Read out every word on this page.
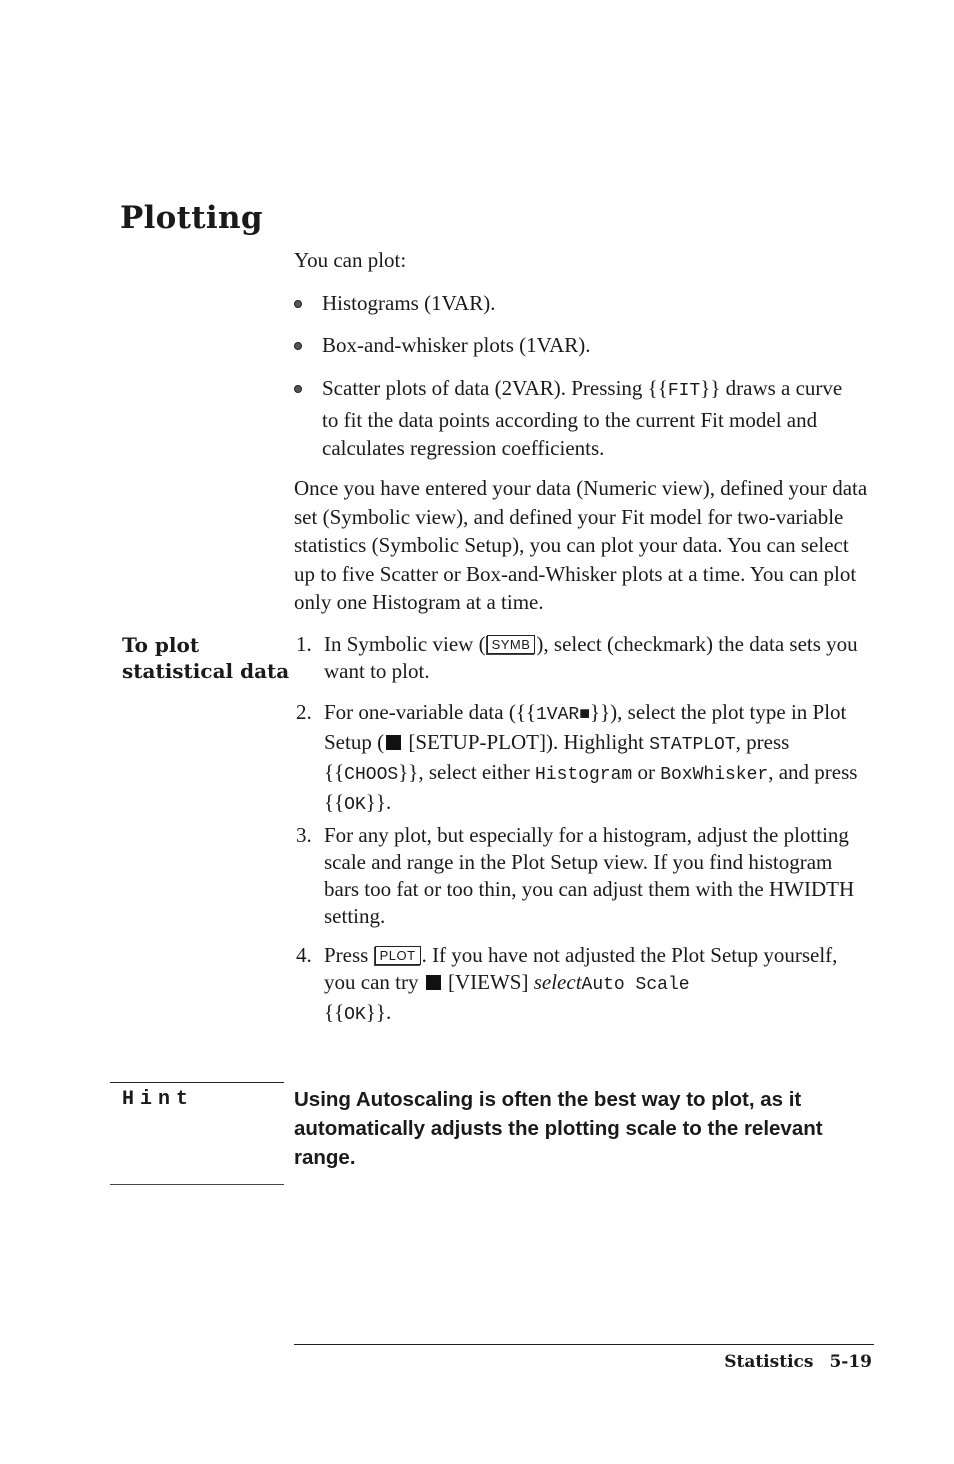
Plotting
You can plot:
Histograms (1VAR).
Box-and-whisker plots (1VAR).
Scatter plots of data (2VAR). Pressing {{FIT}} draws a curve to fit the data points according to the current Fit model and calculates regression coefficients.
Once you have entered your data (Numeric view), defined your data set (Symbolic view), and defined your Fit model for two-variable statistics (Symbolic Setup), you can plot your data. You can select up to five Scatter or Box-and-Whisker plots at a time. You can plot only one Histogram at a time.
To plot
statistical data
1. In Symbolic view ( SYMB ), select (checkmark) the data sets you want to plot.
2. For one-variable data ({{1VAR■}}), select the plot type in Plot Setup ( [SETUP-PLOT]). Highlight STATPLOT, press {{CHOOS}}, select either Histogram or BoxWhisker, and press {{OK}}.
3. For any plot, but especially for a histogram, adjust the plotting scale and range in the Plot Setup view. If you find histogram bars too fat or too thin, you can adjust them with the HWIDTH setting.
4. Press PLOT . If you have not adjusted the Plot Setup yourself, you can try  [VIEWS] selectAuto Scale
{{OK}}.
Hint	Using Autoscaling is often the best way to plot, as it automatically adjusts the plotting scale to the relevant range.
Statistics 5-19
